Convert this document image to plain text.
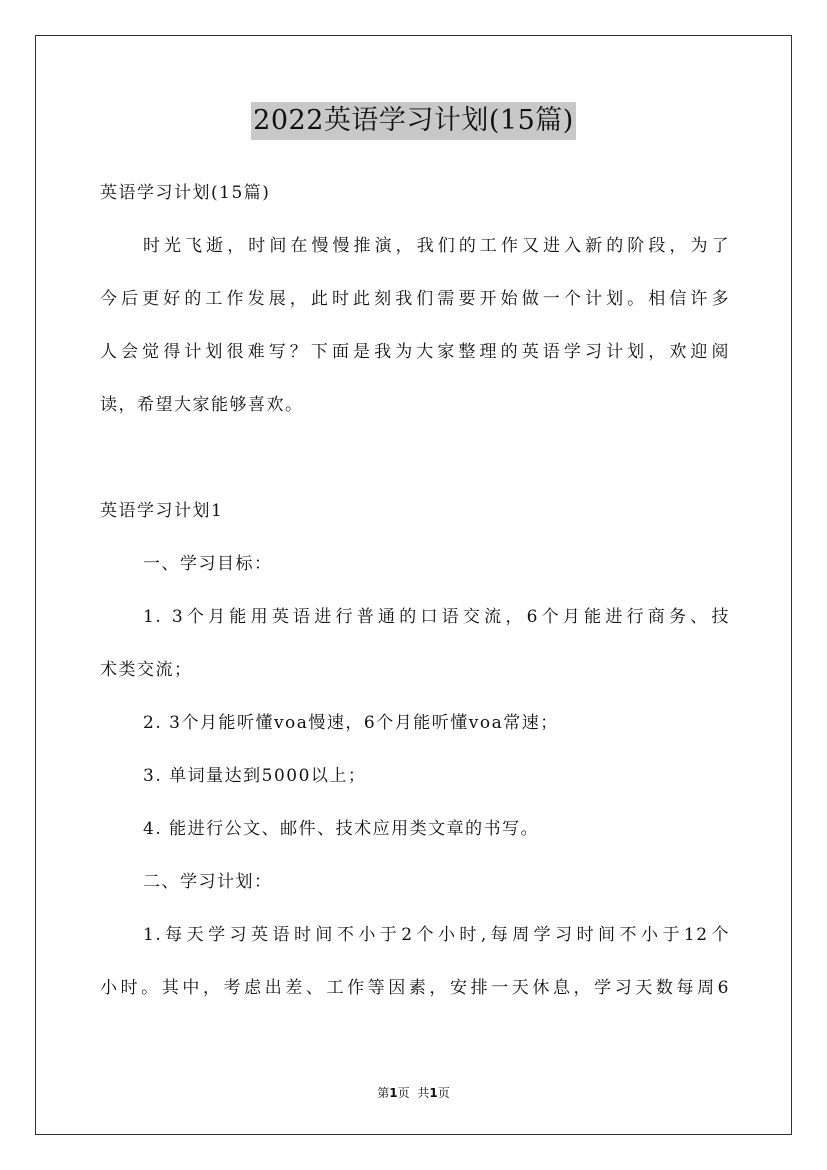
2022英语学习计划(15篇)
英语学习计划(15篇)
时光飞逝，时间在慢慢推演，我们的工作又进入新的阶段，为了
今后更好的工作发展，此时此刻我们需要开始做一个计划。相信许多
人会觉得计划很难写？下面是我为大家整理的英语学习计划，欢迎阅
读，希望大家能够喜欢。
英语学习计划1
一、学习目标：
1. 3个月能用英语进行普通的口语交流，6个月能进行商务、技
术类交流；
2. 3个月能听懂voa慢速，6个月能听懂voa常速；
3. 单词量达到5000以上；
4. 能进行公文、邮件、技术应用类文章的书写。
二、学习计划：
1.每天学习英语时间不小于2个小时,每周学习时间不小于12个
小时。其中，考虑出差、工作等因素，安排一天休息，学习天数每周6
第1页 共1页
